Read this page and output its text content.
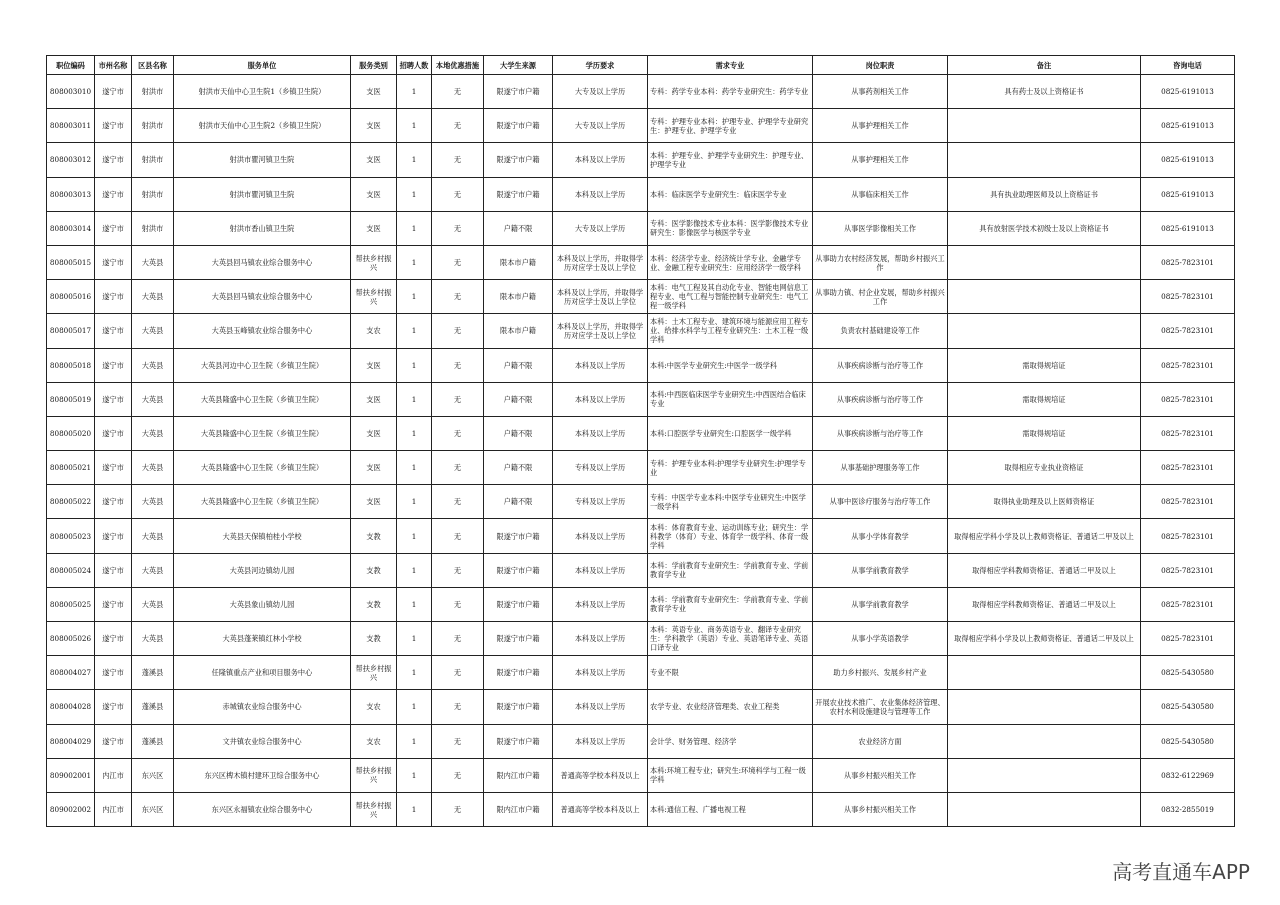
职位编码	市州名称	区县名称	服务单位	服务类别	招聘人数	本地优惠措施	大学生来源	学历要求	需求专业	岗位职责	备注	咨询电话
808003010	遂宁市	射洪市	射洪市天仙中心卫生院1（乡镇卫生院）	支医	1	无	限遂宁市户籍	大专及以上学历	专科：药学专业本科：药学专业研究生：药学专业	从事药剂相关工作	具有药士及以上资格证书	0825-6191013
808003011	遂宁市	射洪市	射洪市天仙中心卫生院2（乡镇卫生院）	支医	1	无	限遂宁市户籍	大专及以上学历	专科：护理专业本科：护理专业、护理学专业研究生：护理专业、护理学专业	从事护理相关工作		0825-6191013
808003012	遂宁市	射洪市	射洪市瞿河镇卫生院	支医	1	无	限遂宁市户籍	本科及以上学历	本科：护理专业、护理学专业研究生：护理专业、护理学专业	从事护理相关工作		0825-6191013
808003013	遂宁市	射洪市	射洪市瞿河镇卫生院	支医	1	无	限遂宁市户籍	本科及以上学历	本科：临床医学专业研究生：临床医学专业	从事临床相关工作	具有执业助理医师及以上资格证书	0825-6191013
808003014	遂宁市	射洪市	射洪市香山镇卫生院	支医	1	无	户籍不限	大专及以上学历	专科：医学影像技术专业本科：医学影像技术专业研究生：影像医学与核医学专业	从事医学影像相关工作	具有放射医学技术初级士及以上资格证书	0825-6191013
808005015	遂宁市	大英县	大英县回马镇农业综合服务中心	帮扶乡村振兴	1	无	限本市户籍	本科及以上学历，并取得学历对应学士及以上学位	本科：经济学专业、经济统计学专业、金融学专业、金融工程专业研究生：应用经济学一级学科	从事助力农村经济发展，帮助乡村振兴工作		0825-7823101
808005016	遂宁市	大英县	大英县回马镇农业综合服务中心	帮扶乡村振兴	1	无	限本市户籍	本科及以上学历，并取得学历对应学士及以上学位	本科：电气工程及其自动化专业、智能电网信息工程专业、电气工程与智能控制专业研究生：电气工程一级学科	从事助力镇、村企业发展，帮助乡村振兴工作		0825-7823101
808005017	遂宁市	大英县	大英县玉峰镇农业综合服务中心	支农	1	无	限本市户籍	本科及以上学历，并取得学历对应学士及以上学位	本科：土木工程专业、建筑环境与能源应用工程专业、给排水科学与工程专业研究生：土木工程一级学科	负责农村基础建设等工作		0825-7823101
808005018	遂宁市	大英县	大英县河边中心卫生院（乡镇卫生院）	支医	1	无	户籍不限	本科及以上学历	本科:中医学专业研究生:中医学一级学科	从事疾病诊断与治疗等工作	需取得规培证	0825-7823101
808005019	遂宁市	大英县	大英县隆盛中心卫生院（乡镇卫生院）	支医	1	无	户籍不限	本科及以上学历	本科:中西医临床医学专业研究生:中西医结合临床专业	从事疾病诊断与治疗等工作	需取得规培证	0825-7823101
808005020	遂宁市	大英县	大英县隆盛中心卫生院（乡镇卫生院）	支医	1	无	户籍不限	本科及以上学历	本科:口腔医学专业研究生:口腔医学一级学科	从事疾病诊断与治疗等工作	需取得规培证	0825-7823101
808005021	遂宁市	大英县	大英县隆盛中心卫生院（乡镇卫生院）	支医	1	无	户籍不限	专科及以上学历	专科：护理专业本科:护理学专业研究生:护理学专业	从事基础护理服务等工作	取得相应专业执业资格证	0825-7823101
808005022	遂宁市	大英县	大英县隆盛中心卫生院（乡镇卫生院）	支医	1	无	户籍不限	专科及以上学历	专科：中医学专业本科:中医学专业研究生:中医学一级学科	从事中医诊疗服务与治疗等工作	取得执业助理及以上医师资格证	0825-7823101
808005023	遂宁市	大英县	大英县天保镇柏桂小学校	支教	1	无	限遂宁市户籍	本科及以上学历	本科：体育教育专业、运动训练专业；研究生：学科教学（体育）专业、体育学一级学科、体育一级学科	从事小学体育教学	取得相应学科小学及以上教师资格证、普通话二甲及以上	0825-7823101
808005024	遂宁市	大英县	大英县河边镇幼儿园	支教	1	无	限遂宁市户籍	本科及以上学历	本科：学前教育专业研究生：学前教育专业、学前教育学专业	从事学前教育教学	取得相应学科教师资格证、普通话二甲及以上	0825-7823101
808005025	遂宁市	大英县	大英县象山镇幼儿园	支教	1	无	限遂宁市户籍	本科及以上学历	本科：学前教育专业研究生：学前教育专业、学前教育学专业	从事学前教育教学	取得相应学科教师资格证、普通话二甲及以上	0825-7823101
808005026	遂宁市	大英县	大英县蓬莱镇红林小学校	支教	1	无	限遂宁市户籍	本科及以上学历	本科：英语专业、商务英语专业、翻译专业研究生：学科教学（英语）专业、英语笔译专业、英语口译专业	从事小学英语教学	取得相应学科小学及以上教师资格证、普通话二甲及以上	0825-7823101
808004027	遂宁市	蓬溪县	任隆镇重点产业和项目服务中心	帮扶乡村振兴	1	无	限遂宁市户籍	本科及以上学历	专业不限	助力乡村振兴、发展乡村产业		0825-5430580
808004028	遂宁市	蓬溪县	赤城镇农业综合服务中心	支农	1	无	限遂宁市户籍	本科及以上学历	农学专业、农业经济管理类、农业工程类	开展农业技术推广、农业集体经济管理、农村水利设施建设与管理等工作		0825-5430580
808004029	遂宁市	蓬溪县	文井镇农业综合服务中心	支农	1	无	限遂宁市户籍	本科及以上学历	会计学、财务管理、经济学	农业经济方面		0825-5430580
809002001	内江市	东兴区	东兴区椑木镇村建环卫综合服务中心	帮扶乡村振兴	1	无	限内江市户籍	普通高等学校本科及以上	本科:环境工程专业；研究生:环境科学与工程一级学科	从事乡村振兴相关工作		0832-6122969
809002002	内江市	东兴区	东兴区永福镇农业综合服务中心	帮扶乡村振兴	1	无	限内江市户籍	普通高等学校本科及以上	本科:通信工程、广播电视工程	从事乡村振兴相关工作		0832-2855019
高考直通车APP
